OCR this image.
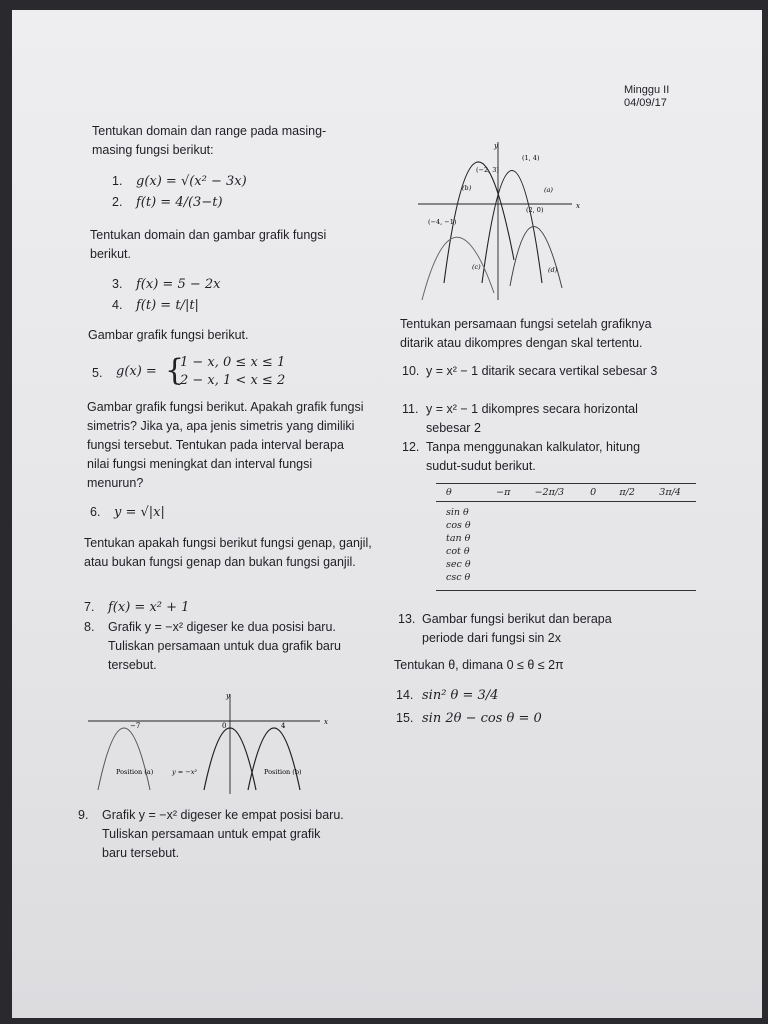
Minggu II
04/09/17
Tentukan domain dan range pada masing-masing fungsi berikut:
1. g(x) = √(x² − 3x)
2. f(t) = 4/(3−t)
Tentukan domain dan gambar grafik fungsi berikut.
3. f(x) = 5 − 2x
4. f(t) = t/|t|
Gambar grafik fungsi berikut.
5. g(x) = {
1 − x, 0 ≤ x ≤ 1
2 − x, 1 < x ≤ 2
Gambar grafik fungsi berikut. Apakah grafik fungsi simetris? Jika ya, apa jenis simetris yang dimiliki fungsi tersebut. Tentukan pada interval berapa nilai fungsi meningkat dan interval fungsi menurun?
6. y = √|x|
Tentukan apakah fungsi berikut fungsi genap, ganjil, atau bukan fungsi genap dan bukan fungsi ganjil.
7. f(x) = x² + 1
8. Grafik y = −x² digeser ke dua posisi baru. Tuliskan persamaan untuk dua grafik baru tersebut.
−7	0	4	x
y
Position (a)	y = −x²	Position (b)
9. Grafik y = −x² digeser ke empat posisi baru. Tuliskan persamaan untuk empat grafik baru tersebut.
(−2, 3)
(1, 4)
(2, 0)
(−4, −1)
(b)	(a)
(c)	(d)
x
y
Tentukan persamaan fungsi setelah grafiknya ditarik atau dikompres dengan skal tertentu.
10. y = x² − 1 ditarik secara vertikal sebesar 3
11. y = x² − 1 dikompres secara horizontal sebesar 2
12. Tanpa menggunakan kalkulator, hitung sudut-sudut berikut.
θ	−π	−2π/3	0	π/2	3π/4
sin θ					
cos θ					
tan θ					
cot θ					
sec θ					
csc θ					
13. Gambar fungsi berikut dan berapa periode dari fungsi sin 2x
Tentukan θ, dimana 0 ≤ θ ≤ 2π
14. sin² θ = 3/4
15. sin 2θ − cos θ = 0
